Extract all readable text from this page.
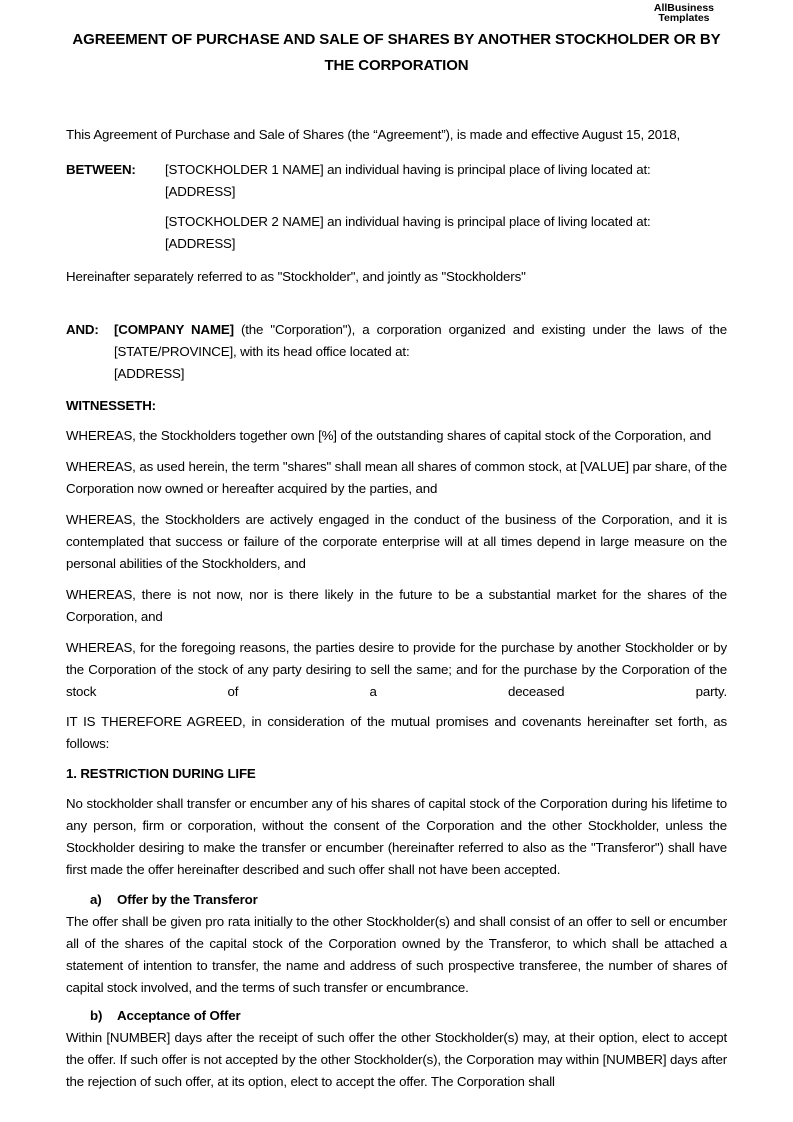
AllBusiness
Templates
AGREEMENT OF PURCHASE AND SALE OF SHARES BY ANOTHER STOCKHOLDER OR BY
THE CORPORATION

This Agreement of Purchase and Sale of Shares (the “Agreement”), is made and effective August 15, 2018,

BETWEEN:	[STOCKHOLDER 1 NAME] an individual having is principal place of living located at:
[ADDRESS]
[STOCKHOLDER 2 NAME] an individual having is principal place of living located at:
[ADDRESS]

Hereinafter separately referred to as "Stockholder", and jointly as "Stockholders"

AND:	[COMPANY NAME] (the "Corporation"), a corporation organized and existing under the laws of the [STATE/PROVINCE], with its head office located at:
[ADDRESS]

WITNESSETH:

WHEREAS, the Stockholders together own [%] of the outstanding shares of capital stock of the Corporation, and

WHEREAS, as used herein, the term "shares" shall mean all shares of common stock, at [VALUE] par share, of the Corporation now owned or hereafter acquired by the parties, and

WHEREAS, the Stockholders are actively engaged in the conduct of the business of the Corporation, and it is contemplated that success or failure of the corporate enterprise will at all times depend in large measure on the personal abilities of the Stockholders, and

WHEREAS, there is not now, nor is there likely in the future to be a substantial market for the shares of the Corporation, and

WHEREAS, for the foregoing reasons, the parties desire to provide for the purchase by another Stockholder or by the Corporation of the stock of any party desiring to sell the same; and for the purchase by the Corporation of the stock of a deceased party.

IT IS THEREFORE AGREED, in consideration of the mutual promises and covenants hereinafter set forth, as follows:

1. RESTRICTION DURING LIFE

No stockholder shall transfer or encumber any of his shares of capital stock of the Corporation during his lifetime to any person, firm or corporation, without the consent of the Corporation and the other Stockholder, unless the Stockholder desiring to make the transfer or encumber (hereinafter referred to also as the "Transferor") shall have first made the offer hereinafter described and such offer shall not have been accepted.

a) Offer by the Transferor

The offer shall be given pro rata initially to the other Stockholder(s) and shall consist of an offer to sell or encumber all of the shares of the capital stock of the Corporation owned by the Transferor, to which shall be attached a statement of intention to transfer, the name and address of such prospective transferee, the number of shares of capital stock involved, and the terms of such transfer or encumbrance.

b) Acceptance of Offer

Within [NUMBER] days after the receipt of such offer the other Stockholder(s) may, at their option, elect to accept the offer. If such offer is not accepted by the other Stockholder(s), the Corporation may within [NUMBER] days after the rejection of such offer, at its option, elect to accept the offer. The Corporation shall
